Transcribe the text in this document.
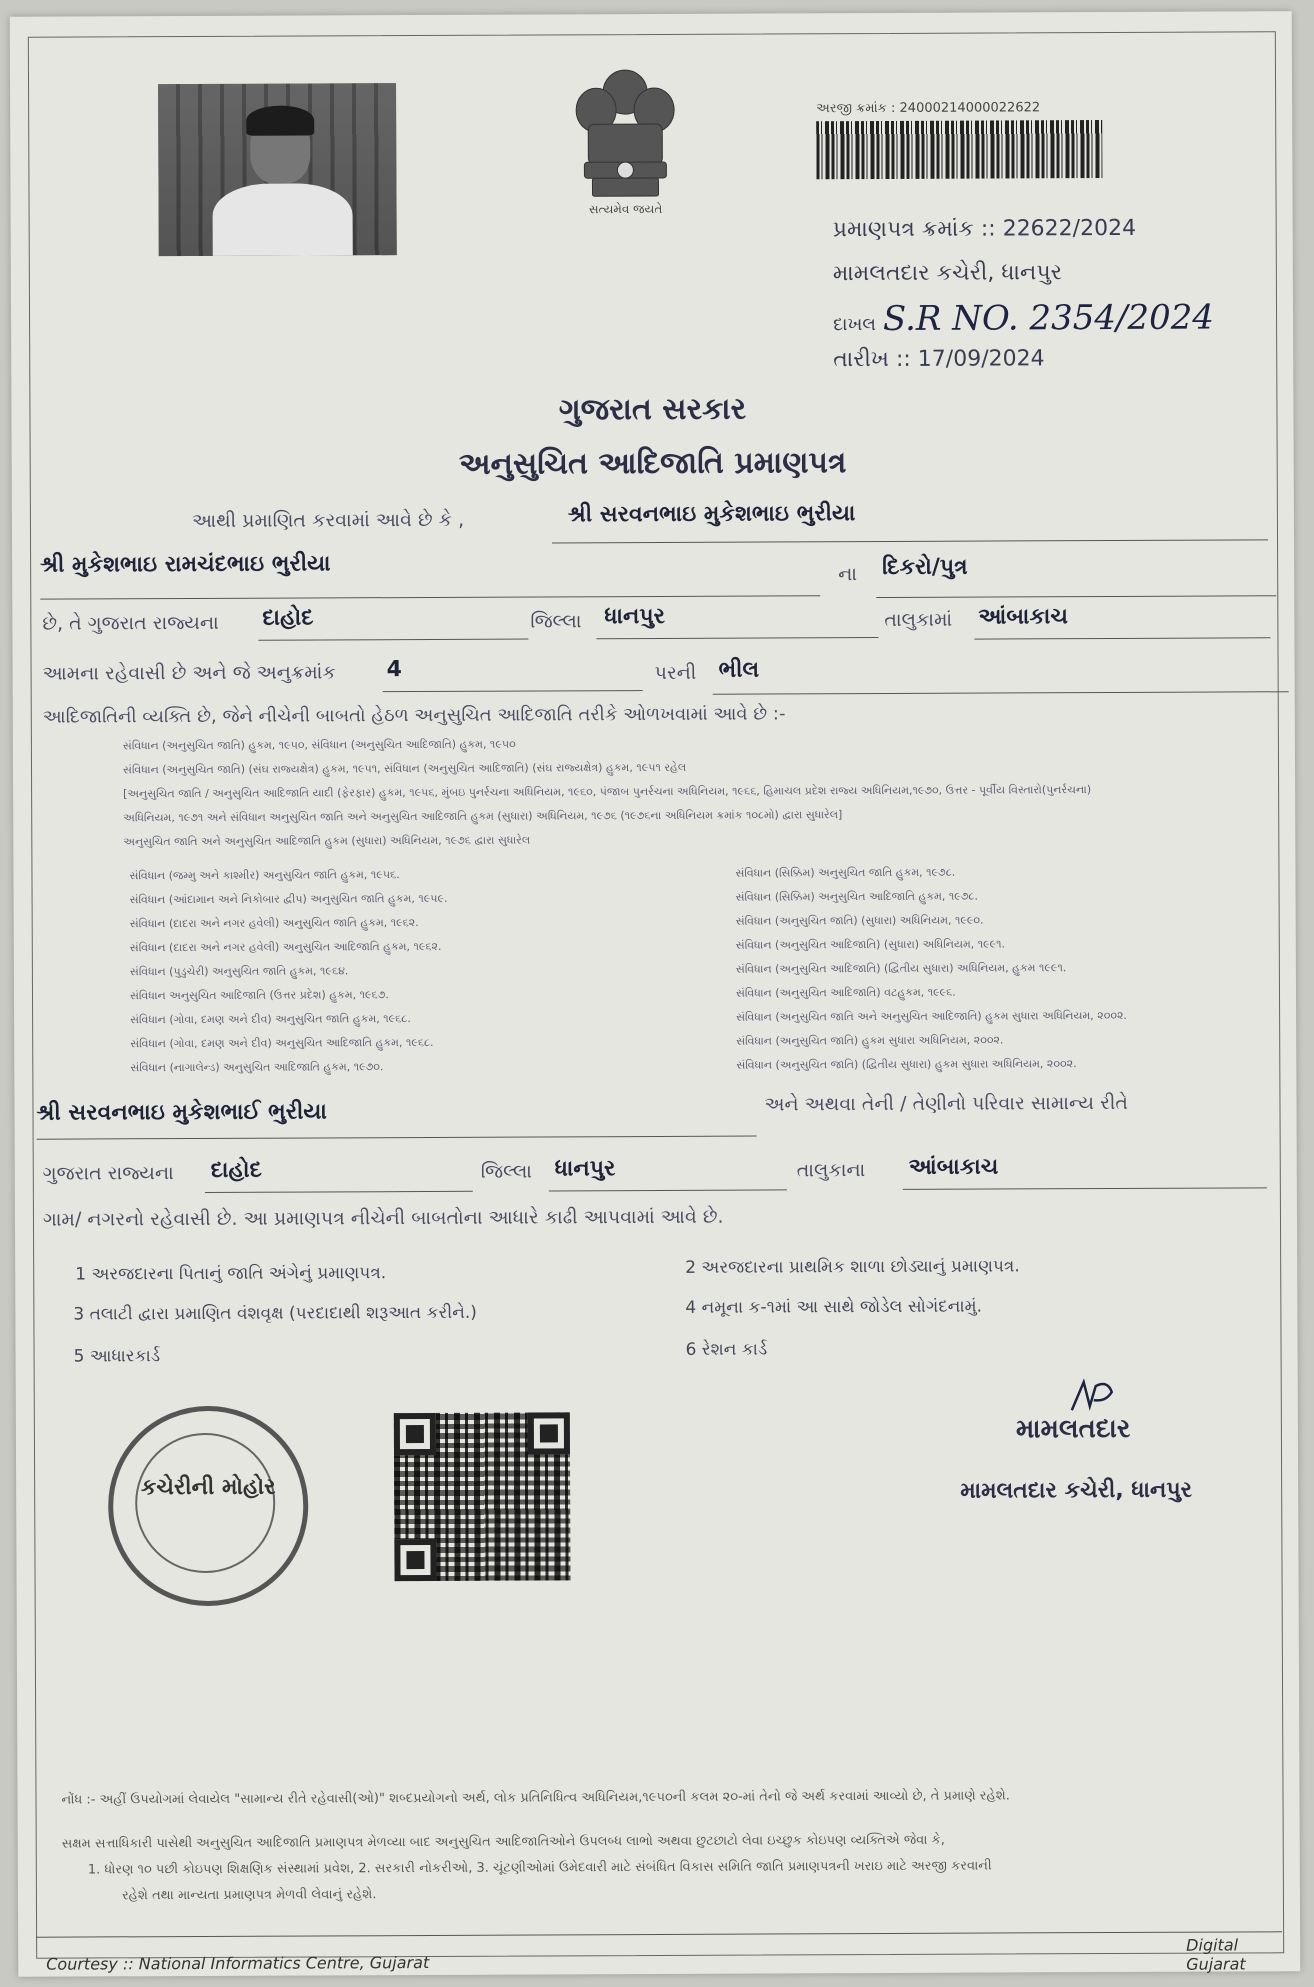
સત્યમેવ જયતે
અરજી ક્રમાંક : 24000214000022622
પ્રમાણપત્ર ક્રમાંક :: 22622/2024
મામલતદાર કચેરી, ધાનપુર
દાખલ S.R NO. 2354/2024
તારીખ :: 17/09/2024
ગુજરાત સરકાર
અનુસુચિત આદિજાતિ પ્રમાણપત્ર
આથી પ્રમાણિત કરવામાં આવે છે કે ,	શ્રી સરવનભાઇ મુકેશભાઇ ભુરીયા
શ્રી મુકેશભાઇ રામચંદભાઇ ભુરીયા	ના દિકરો/પુત્ર
છે, તે ગુજરાત રાજ્યના દાહોદ	જિલ્લા ધાનપુર	તાલુકામાં આંબાકાચ
આમના રહેવાસી છે અને જે અનુક્રમાંક 4	પરની ભીલ
આદિજાતિની વ્યક્તિ છે, જેને નીચેની બાબતો હેઠળ અનુસુચિત આદિજાતિ તરીકે ઓળખવામાં આવે છે :-
સંવિધાન (અનુસુચિત જાતિ) હુકમ, ૧૯૫૦, સંવિધાન (અનુસુચિત આદિજાતિ) હુકમ, ૧૯૫૦
સંવિધાન (અનુસુચિત જાતિ) (સંઘ રાજ્યક્ષેત્ર) હુકમ, ૧૯૫૧, સંવિધાન (અનુસુચિત આદિજાતિ) (સંઘ રાજ્યક્ષેત્ર) હુકમ, ૧૯૫૧ રહેલ
[અનુસુચિત જાતિ / અનુસુચિત આદિજાતિ યાદી (ફેરફાર) હુકમ, ૧૯૫૬, મુંબઇ પુનર્રચના અધિનિયમ, ૧૯૬૦, પંજાબ પુનર્રચના અધિનિયમ, ૧૯૬૬, હિમાચલ પ્રદેશ રાજ્ય અધિનિયમ,૧૯૭૦, ઉત્તર - પૂર્વીય વિસ્તારો(પુનર્રચના)
અધિનિયમ, ૧૯૭૧ અને સંવિધાન અનુસુચિત જાતિ અને અનુસુચિત આદિજાતિ હુકમ (સુધારા) અધિનિયમ, ૧૯૭૬ (૧૯૭૬ના અધિનિયમ ક્રમાંક ૧૦૮મો) દ્વારા સુધારેલ]
અનુસુચિત જાતિ અને અનુસુચિત આદિજાતિ હુકમ (સુધારા) અધિનિયમ, ૧૯૭૬ દ્વારા સુધારેલ
સંવિધાન (જમ્મુ અને કાશ્મીર) અનુસુચિત જાતિ હુકમ, ૧૯૫૬.
સંવિધાન (આંદામાન અને નિકોબાર દ્વીપ) અનુસુચિત જાતિ હુકમ, ૧૯૫૯.
સંવિધાન (દાદરા અને નગર હવેલી) અનુસુચિત જાતિ હુકમ, ૧૯૬૨.
સંવિધાન (દાદરા અને નગર હવેલી) અનુસુચિત આદિજાતિ હુકમ, ૧૯૬૨.
સંવિધાન (પુડુચેરી) અનુસુચિત જાતિ હુકમ, ૧૯૬૪.
સંવિધાન અનુસુચિત આદિજાતિ (ઉત્તર પ્રદેશ) હુકમ, ૧૯૬૭.
સંવિધાન (ગોવા, દમણ અને દીવ) અનુસુચિત જાતિ હુકમ, ૧૯૬૮.
સંવિધાન (ગોવા, દમણ અને દીવ) અનુસુચિત આદિજાતિ હુકમ, ૧૯૬૮.
સંવિધાન (નાગાલેન્ડ) અનુસુચિત આદિજાતિ હુકમ, ૧૯૭૦.
સંવિધાન (સિક્કિમ) અનુસુચિત જાતિ હુકમ, ૧૯૭૮.
સંવિધાન (સિક્કિમ) અનુસુચિત આદિજાતિ હુકમ, ૧૯૭૮.
સંવિધાન (અનુસુચિત જાતિ) (સુધારા) અધિનિયમ, ૧૯૯૦.
સંવિધાન (અનુસુચિત આદિજાતિ) (સુધારા) અધિનિયમ, ૧૯૯૧.
સંવિધાન (અનુસુચિત આદિજાતિ) (દ્વિતીય સુધારા) અધિનિયમ, હુકમ ૧૯૯૧.
સંવિધાન (અનુસુચિત આદિજાતિ) વટહુકમ, ૧૯૯૬.
સંવિધાન (અનુસુચિત જાતિ અને અનુસુચિત આદિજાતિ) હુકમ સુધારા અધિનિયમ, ૨૦૦૨.
સંવિધાન (અનુસુચિત જાતિ) હુકમ સુધારા અધિનિયમ, ૨૦૦૨.
સંવિધાન (અનુસુચિત જાતિ) (દ્વિતીય સુધારા) હુકમ સુધારા અધિનિયમ, ૨૦૦૨.
શ્રી સરવનભાઇ મુકેશભાઈ ભુરીયા	અને અથવા તેની / તેણીનો પરિવાર સામાન્ય રીતે
ગુજરાત રાજ્યના દાહોદ	જિલ્લા ધાનપુર	તાલુકાના આંબાકાચ
ગામ/ નગરનો રહેવાસી છે. આ પ્રમાણપત્ર નીચેની બાબતોના આધારે કાઢી આપવામાં આવે છે.
1 અરજદારના પિતાનું જાતિ અંગેનું પ્રમાણપત્ર.	2 અરજદારના પ્રાથમિક શાળા છોડ્યાનું પ્રમાણપત્ર.
3 તલાટી દ્વારા પ્રમાણિત વંશવૃક્ષ (પરદાદાથી શરૂઆત કરીને.)	4 નમૂના ક-૧માં આ સાથે જોડેલ સોગંદનામું.
5 આધારકાર્ડ	6 રેશન કાર્ડ
કચેરીની મોહોર
મામલતદાર
મામલતદાર કચેરી, ધાનપુર
નોંધ :- અહીં ઉપયોગમાં લેવાયેલ "સામાન્ય રીતે રહેવાસી(ઓ)" શબ્દપ્રયોગનો અર્થ, લોક પ્રતિનિધિત્વ અધિનિયમ,૧૯૫૦ની કલમ ૨૦-માં તેનો જે અર્થ કરવામાં આવ્યો છે, તે પ્રમાણે રહેશે.
સક્ષમ સત્તાધિકારી પાસેથી અનુસુચિત આદિજાતિ પ્રમાણપત્ર મેળવ્યા બાદ અનુસુચિત આદિજાતિઓને ઉપલબ્ધ લાભો અથવા છુટછાટો લેવા ઇચ્છુક કોઇપણ વ્યક્તિએ જેવા કે,
1. ધોરણ ૧૦ પછી કોઇપણ શિક્ષણિક સંસ્થામાં પ્રવેશ, 2. સરકારી નોકરીઓ, 3. ચૂંટણીઓમાં ઉમેદવારી માટે સંબંધિત વિકાસ સમિતિ જાતિ પ્રમાણપત્રની ખરાઇ માટે અરજી કરવાની
રહેશે તથા માન્યતા પ્રમાણપત્ર મેળવી લેવાનું રહેશે.
Courtesy :: National Informatics Centre, Gujarat
Digital Gujarat
